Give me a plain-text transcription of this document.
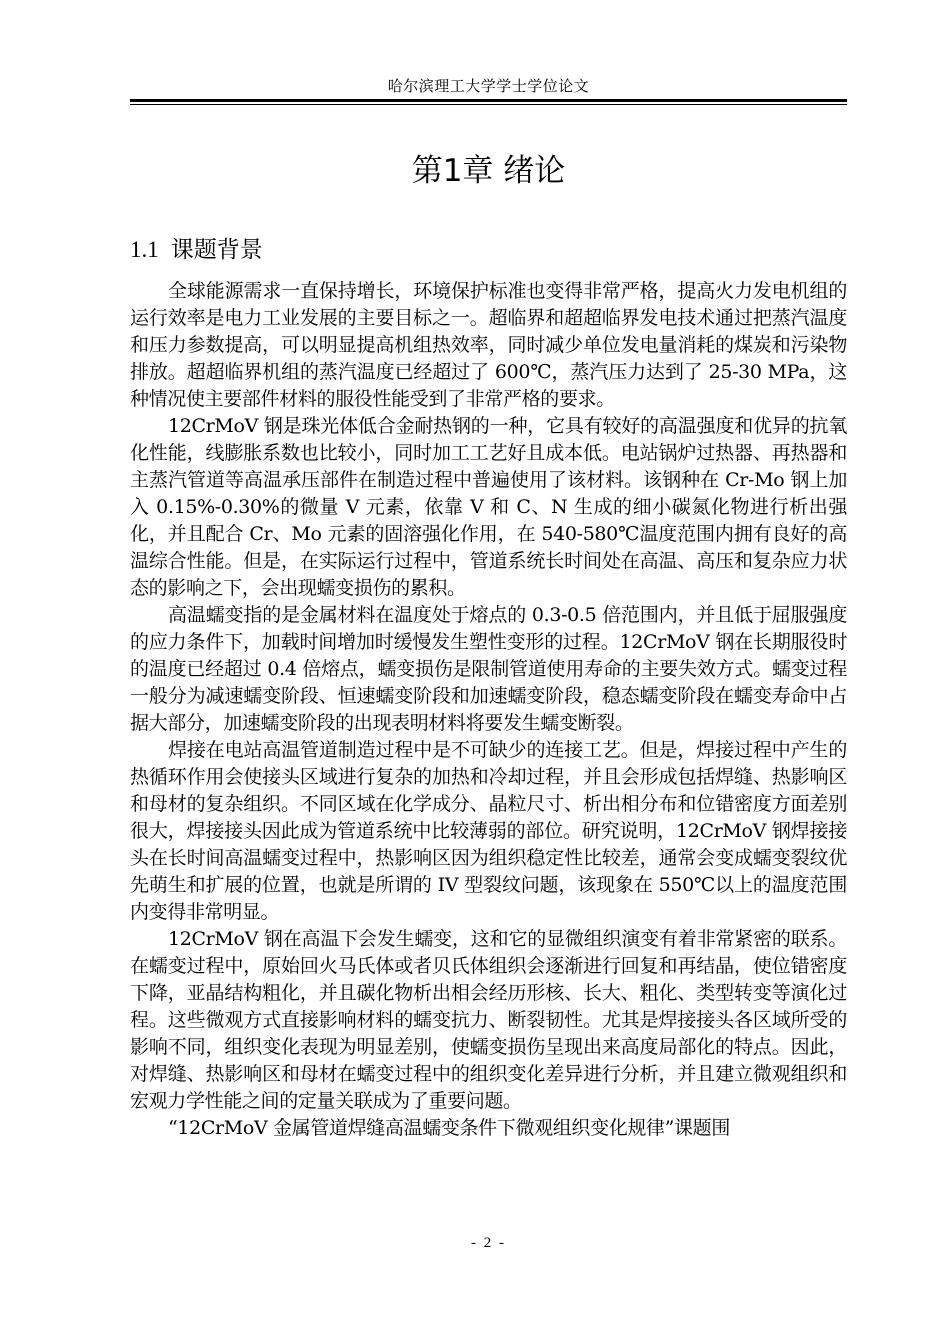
哈尔滨理工大学学士学位论文
第1章 绪论
1.1 课题背景

全球能源需求一直保持增长，环境保护标准也变得非常严格，提高火力发电机组的运行效率是电力工业发展的主要目标之一。超临界和超超临界发电技术通过把蒸汽温度和压力参数提高，可以明显提高机组热效率，同时减少单位发电量消耗的煤炭和污染物排放。超超临界机组的蒸汽温度已经超过了 600℃，蒸汽压力达到了 25-30 MPa，这种情况使主要部件材料的服役性能受到了非常严格的要求。

12CrMoV 钢是珠光体低合金耐热钢的一种，它具有较好的高温强度和优异的抗氧化性能，线膨胀系数也比较小，同时加工工艺好且成本低。电站锅炉过热器、再热器和主蒸汽管道等高温承压部件在制造过程中普遍使用了该材料。该钢种在 Cr-Mo 钢上加入 0.15%-0.30%的微量 V 元素，依靠 V 和 C、N 生成的细小碳氮化物进行析出强化，并且配合 Cr、Mo 元素的固溶强化作用，在 540-580℃温度范围内拥有良好的高温综合性能。但是，在实际运行过程中，管道系统长时间处在高温、高压和复杂应力状态的影响之下，会出现蠕变损伤的累积。

高温蠕变指的是金属材料在温度处于熔点的 0.3-0.5 倍范围内，并且低于屈服强度的应力条件下，加载时间增加时缓慢发生塑性变形的过程。12CrMoV 钢在长期服役时的温度已经超过 0.4 倍熔点，蠕变损伤是限制管道使用寿命的主要失效方式。蠕变过程一般分为减速蠕变阶段、恒速蠕变阶段和加速蠕变阶段，稳态蠕变阶段在蠕变寿命中占据大部分，加速蠕变阶段的出现表明材料将要发生蠕变断裂。

焊接在电站高温管道制造过程中是不可缺少的连接工艺。但是，焊接过程中产生的热循环作用会使接头区域进行复杂的加热和冷却过程，并且会形成包括焊缝、热影响区和母材的复杂组织。不同区域在化学成分、晶粒尺寸、析出相分布和位错密度方面差别很大，焊接接头因此成为管道系统中比较薄弱的部位。研究说明，12CrMoV 钢焊接接头在长时间高温蠕变过程中，热影响区因为组织稳定性比较差，通常会变成蠕变裂纹优先萌生和扩展的位置，也就是所谓的 IV 型裂纹问题，该现象在 550℃以上的温度范围内变得非常明显。

12CrMoV 钢在高温下会发生蠕变，这和它的显微组织演变有着非常紧密的联系。在蠕变过程中，原始回火马氏体或者贝氏体组织会逐渐进行回复和再结晶，使位错密度下降，亚晶结构粗化，并且碳化物析出相会经历形核、长大、粗化、类型转变等演化过程。这些微观方式直接影响材料的蠕变抗力、断裂韧性。尤其是焊接接头各区域所受的影响不同，组织变化表现为明显差别，使蠕变损伤呈现出来高度局部化的特点。因此，对焊缝、热影响区和母材在蠕变过程中的组织变化差异进行分析，并且建立微观组织和宏观力学性能之间的定量关联成为了重要问题。

“12CrMoV 金属管道焊缝高温蠕变条件下微观组织变化规律”课题围

- 2 -
